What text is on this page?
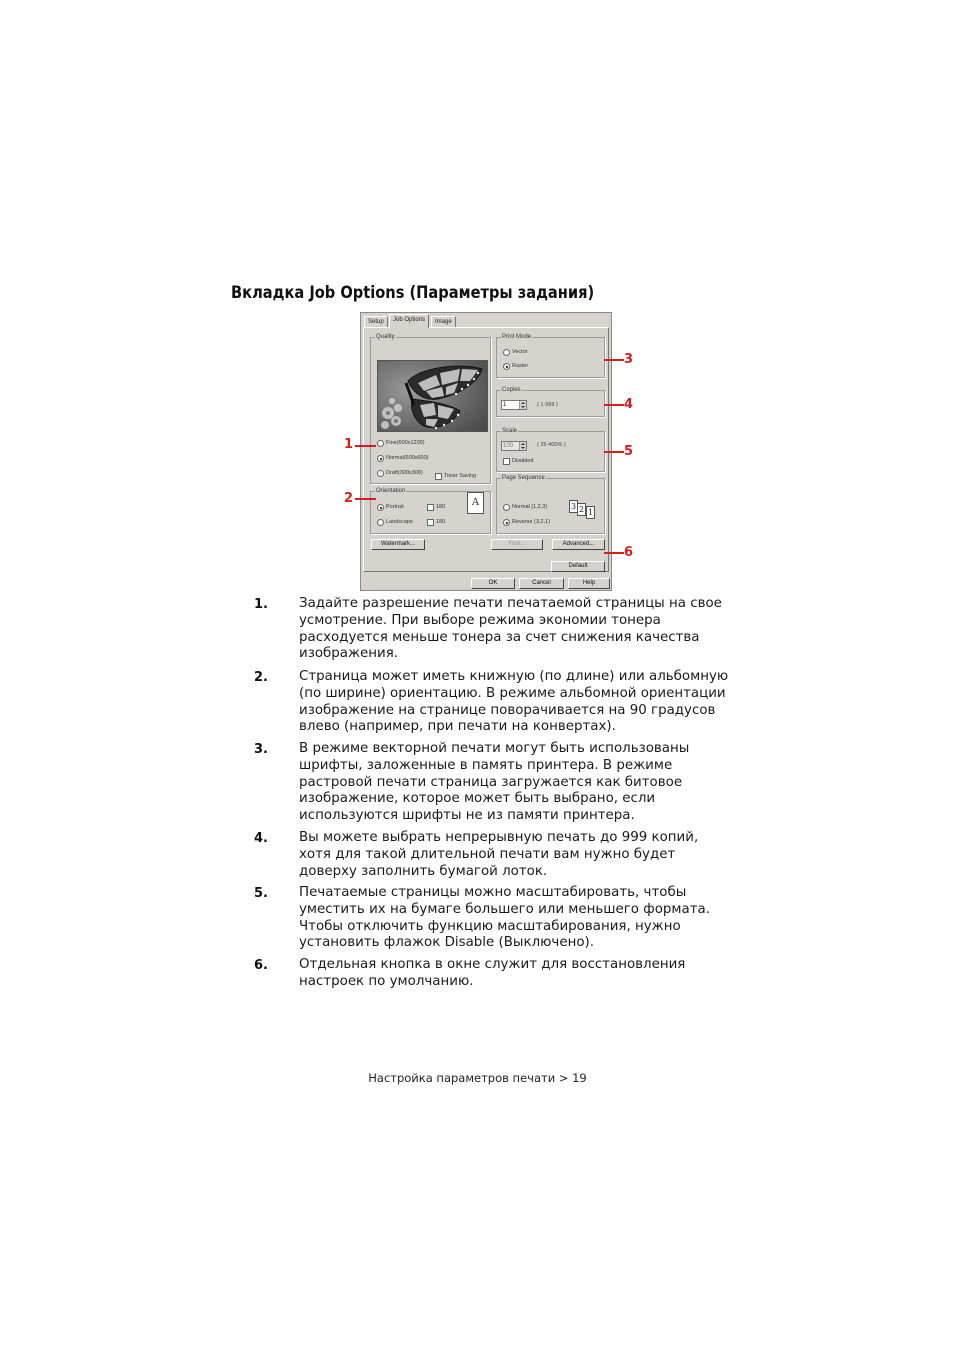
Вкладка Job Options (Параметры задания)
Setup	Job Options	Image
Quality
Fine(600x1200)
Normal(600x600)
Draft(300x300)	Toner Saving
Orientation
Portrait
Landscape
180
180
A
Print Mode
Vector
Raster
Copies
1	( 1-999 )
Scale
100	( 25-400% )
Disabled
Page Sequence
Normal (1,2,3)
Reverse (3,2,1)
3 2 1
Watermark...	Font...	Advanced...
Default
OK	Cancel	Help
1
2
3
4
5
6
1. Задайте разрешение печати печатаемой страницы на свое усмотрение. При выборе режима экономии тонера расходуется меньше тонера за счет снижения качества изображения.

2. Страница может иметь книжную (по длине) или альбомную (по ширине) ориентацию. В режиме альбомной ориентации изображение на странице поворачивается на 90 градусов влево (например, при печати на конвертах).

3. В режиме векторной печати могут быть использованы шрифты, заложенные в память принтера. В режиме растровой печати страница загружается как битовое изображение, которое может быть выбрано, если используются шрифты не из памяти принтера.

4. Вы можете выбрать непрерывную печать до 999 копий, хотя для такой длительной печати вам нужно будет доверху заполнить бумагой лоток.

5. Печатаемые страницы можно масштабировать, чтобы уместить их на бумаге большего или меньшего формата. Чтобы отключить функцию масштабирования, нужно установить флажок Disable (Выключено).

6. Отдельная кнопка в окне служит для восстановления настроек по умолчанию.

Настройка параметров печати > 19
